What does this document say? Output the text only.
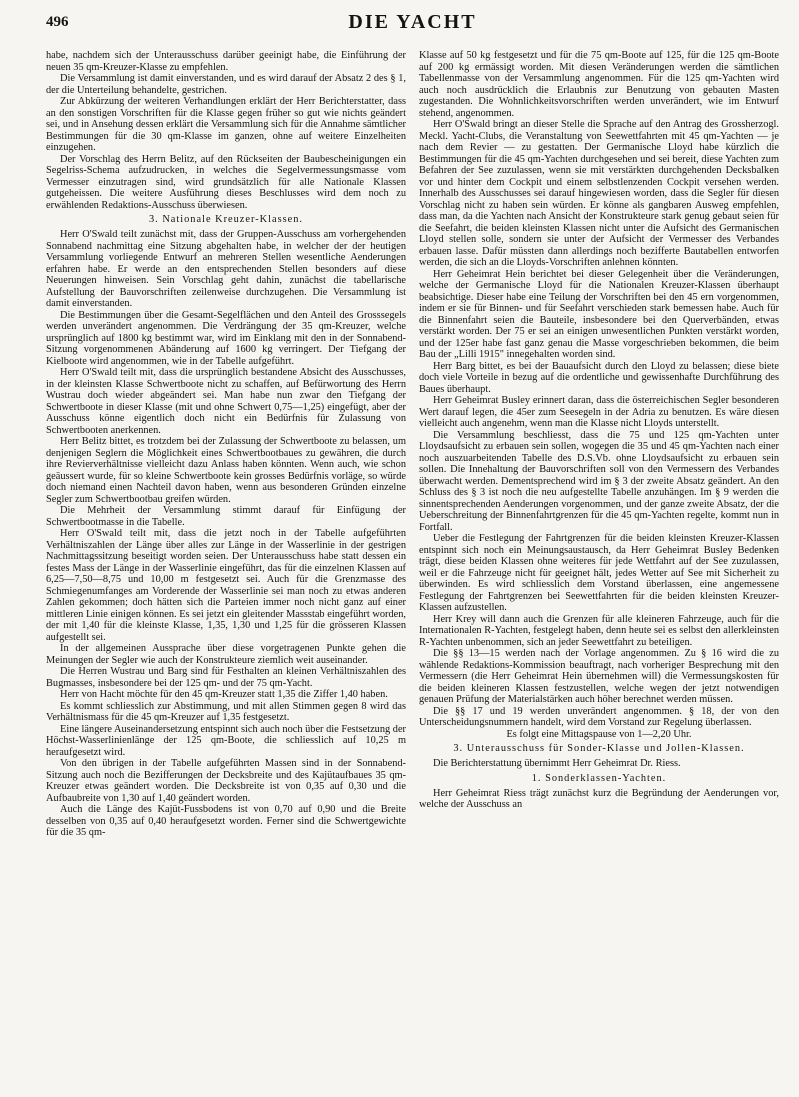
496	DIE YACHT

habe, nachdem sich der Unterausschuss darüber geeinigt habe, die Einführung der neuen 35 qm-Kreuzer-Klasse zu empfehlen.

Die Versammlung ist damit einverstanden, und es wird darauf der Absatz 2 des § 1, der die Unterteilung behandelte, gestrichen.

Zur Abkürzung der weiteren Verhandlungen erklärt der Herr Berichterstatter, dass an den sonstigen Vorschriften für die Klasse gegen früher so gut wie nichts geändert sei, und in Ansehung dessen erklärt die Versammlung sich für die Annahme sämtlicher Bestimmungen für die 30 qm-Klasse im ganzen, ohne auf weitere Einzelheiten einzugehen.

Der Vorschlag des Herrn Belitz, auf den Rückseiten der Baubescheinigungen ein Segelriss-Schema aufzudrucken, in welches die Segelvermessungsmasse vom Vermesser einzutragen sind, wird grundsätzlich für alle Nationale Klassen gutgeheissen. Die weitere Ausführung dieses Beschlusses wird dem noch zu erwählenden Redaktions-Ausschuss überwiesen.

3. Nationale Kreuzer-Klassen.

Herr O'Swald teilt zunächst mit, dass der Gruppen-Ausschuss am vorhergehenden Sonnabend nachmittag eine Sitzung abgehalten habe, in welcher der der heutigen Versammlung vorliegende Entwurf an mehreren Stellen wesentliche Aenderungen erfahren habe. Er werde an den entsprechenden Stellen besonders auf diese Neuerungen hinweisen. Sein Vorschlag geht dahin, zunächst die tabellarische Aufstellung der Bauvorschriften zeilenweise durchzugehen. Die Versammlung ist damit einverstanden.

Die Bestimmungen über die Gesamt-Segelflächen und den Anteil des Grosssegels werden unverändert angenommen. Die Verdrängung der 35 qm-Kreuzer, welche ursprünglich auf 1800 kg bestimmt war, wird im Einklang mit den in der Sonnabend-Sitzung vorgenommenen Abänderung auf 1600 kg verringert. Der Tiefgang der Kielboote wird angenommen, wie in der Tabelle aufgeführt.

Herr O'Swald teilt mit, dass die ursprünglich bestandene Absicht des Ausschusses, in der kleinsten Klasse Schwertboote nicht zu schaffen, auf Befürwortung des Herrn Wustrau doch wieder abgeändert sei. Man habe nun zwar den Tiefgang der Schwertboote in dieser Klasse (mit und ohne Schwert 0,75—1,25) eingefügt, aber der Ausschuss könne eigentlich doch nicht ein Bedürfnis für Zulassung von Schwertbooten anerkennen.

Herr Belitz bittet, es trotzdem bei der Zulassung der Schwertboote zu belassen, um denjenigen Seglern die Möglichkeit eines Schwertbootbaues zu gewähren, die durch ihre Revierverhältnisse vielleicht dazu Anlass haben könnten. Wenn auch, wie schon geäussert wurde, für so kleine Schwertboote kein grosses Bedürfnis vorläge, so würde doch niemand einen Nachteil davon haben, wenn aus besonderen Gründen einzelne Segler zum Schwertbootbau greifen würden.

Die Mehrheit der Versammlung stimmt darauf für Einfügung der Schwertbootmasse in die Tabelle.

Herr O'Swald teilt mit, dass die jetzt noch in der Tabelle aufgeführten Verhältniszahlen der Länge über alles zur Länge in der Wasserlinie in der gestrigen Nachmittagssitzung beseitigt worden seien. Der Unterausschuss habe statt dessen ein festes Mass der Länge in der Wasserlinie eingeführt, das für die einzelnen Klassen auf 6,25—7,50—8,75 und 10,00 m festgesetzt sei. Auch für die Grenzmasse des Schmiegenumfanges am Vorderende der Wasserlinie sei man noch zu etwas anderen Zahlen gekommen; doch hätten sich die Parteien immer noch nicht ganz auf einer mittleren Linie einigen können. Es sei jetzt ein gleitender Massstab eingeführt worden, der mit 1,40 für die kleinste Klasse, 1,35, 1,30 und 1,25 für die grösseren Klassen aufgestellt sei.

In der allgemeinen Aussprache über diese vorgetragenen Punkte gehen die Meinungen der Segler wie auch der Konstrukteure ziemlich weit auseinander.

Die Herren Wustrau und Barg sind für Festhalten an kleinen Verhältniszahlen des Bugmasses, insbesondere bei der 125 qm- und der 75 qm-Yacht.

Herr von Hacht möchte für den 45 qm-Kreuzer statt 1,35 die Ziffer 1,40 haben.

Es kommt schliesslich zur Abstimmung, und mit allen Stimmen gegen 8 wird das Verhältnismass für die 45 qm-Kreuzer auf 1,35 festgesetzt.

Eine längere Auseinandersetzung entspinnt sich auch noch über die Festsetzung der Höchst-Wasserlinienlänge der 125 qm-Boote, die schliesslich auf 10,25 m heraufgesetzt wird.

Von den übrigen in der Tabelle aufgeführten Massen sind in der Sonnabend-Sitzung auch noch die Bezifferungen der Decksbreite und des Kajütaufbaues 35 qm-Kreuzer etwas geändert worden. Die Decksbreite ist von 0,35 auf 0,30 und die Aufbaubreite von 1,30 auf 1,40 geändert worden.

Auch die Länge des Kajüt-Fussbodens ist von 0,70 auf 0,90 und die Breite desselben von 0,35 auf 0,40 heraufgesetzt worden. Ferner sind die Schwertgewichte für die 35 qm-

Klasse auf 50 kg festgesetzt und für die 75 qm-Boote auf 125, für die 125 qm-Boote auf 200 kg ermässigt worden. Mit diesen Veränderungen werden die sämtlichen Tabellenmasse von der Versammlung angenommen. Für die 125 qm-Yachten wird auch noch ausdrücklich die Erlaubnis zur Benutzung von gebauten Masten zugestanden. Die Wohnlichkeitsvorschriften werden unverändert, wie im Entwurf stehend, angenommen.

Herr O'Swald bringt an dieser Stelle die Sprache auf den Antrag des Grossherzogl. Meckl. Yacht-Clubs, die Veranstaltung von Seewettfahrten mit 45 qm-Yachten — je nach dem Revier — zu gestatten. Der Germanische Lloyd habe kürzlich die Bestimmungen für die 45 qm-Yachten durchgesehen und sei bereit, diese Yachten zum Befahren der See zuzulassen, wenn sie mit verstärkten durchgehenden Decksbalken vor und hinter dem Cockpit und einem selbstlenzenden Cockpit versehen werden. Innerhalb des Ausschusses sei darauf hingewiesen worden, dass die Segler für diesen Vorschlag nicht zu haben sein würden. Er könne als gangbaren Ausweg empfehlen, dass man, da die Yachten nach Ansicht der Konstrukteure stark genug gebaut seien für die Seefahrt, die beiden kleinsten Klassen nicht unter die Aufsicht des Germanischen Lloyd stellen solle, sondern sie unter der Aufsicht der Vermesser des Verbandes erbauen lasse. Dafür müssten dann allerdings noch bezifferte Bautabellen entworfen werden, die sich an die Lloyds-Vorschriften anlehnen könnten.

Herr Geheimrat Hein berichtet bei dieser Gelegenheit über die Veränderungen, welche der Germanische Lloyd für die Nationalen Kreuzer-Klassen überhaupt beabsichtige. Dieser habe eine Teilung der Vorschriften bei den 45 ern vorgenommen, indem er sie für Binnen- und für Seefahrt verschieden stark bemessen habe. Auch für die Binnenfahrt seien die Bauteile, insbesondere bei den Querverbänden, etwas verstärkt worden. Der 75 er sei an einigen unwesentlichen Punkten verstärkt worden, und der 125er habe fast ganz genau die Masse vorgeschrieben bekommen, die beim Bau der „Lilli 1915" innegehalten worden sind.

Herr Barg bittet, es bei der Bauaufsicht durch den Lloyd zu belassen; diese biete doch viele Vorteile in bezug auf die ordentliche und gewissenhafte Durchführung des Baues überhaupt.

Herr Geheimrat Busley erinnert daran, dass die österreichischen Segler besonderen Wert darauf legen, die 45er zum Seesegeln in der Adria zu benutzen. Es wäre diesen vielleicht auch angenehm, wenn man die Klasse nicht Lloyds unterstellt.

Die Versammlung beschliesst, dass die 75 und 125 qm-Yachten unter Lloydsaufsicht zu erbauen sein sollen, wogegen die 35 und 45 qm-Yachten nach einer noch auszuarbeitenden Tabelle des D.S.Vb. ohne Lloydsaufsicht zu erbauen sein sollen. Die Innehaltung der Bauvorschriften soll von den Vermessern des Verbandes überwacht werden. Dementsprechend wird im § 3 der zweite Absatz geändert. An den Schluss des § 3 ist noch die neu aufgestellte Tabelle anzuhängen. Im § 9 werden die sinnentsprechenden Aenderungen vorgenommen, und der ganze zweite Absatz, der die Ueberschreitung der Binnenfahrtgrenzen für die 45 qm-Yachten regelte, kommt nun in Fortfall.

Ueber die Festlegung der Fahrtgrenzen für die beiden kleinsten Kreuzer-Klassen entspinnt sich noch ein Meinungsaustausch, da Herr Geheimrat Busley Bedenken trägt, diese beiden Klassen ohne weiteres für jede Wettfahrt auf der See zuzulassen, weil er die Fahrzeuge nicht für geeignet hält, jedes Wetter auf See mit Sicherheit zu überwinden. Es wird schliesslich dem Vorstand überlassen, eine angemessene Festlegung der Fahrtgrenzen bei Seewettfahrten für die beiden kleinsten Kreuzer-Klassen aufzustellen.

Herr Krey will dann auch die Grenzen für alle kleineren Fahrzeuge, auch für die Internationalen R-Yachten, festgelegt haben, denn heute sei es selbst den allerkleinsten R-Yachten unbenommen, sich an jeder Seewettfahrt zu beteiligen.

Die §§ 13—15 werden nach der Vorlage angenommen. Zu § 16 wird die zu wählende Redaktions-Kommission beauftragt, nach vorheriger Besprechung mit den Vermessern (die Herr Geheimrat Hein übernehmen will) die Vermessungskosten für die beiden kleineren Klassen festzustellen, welche wegen der jetzt notwendigen genauen Prüfung der Materialstärken auch höher berechnet werden müssen.

Die §§ 17 und 19 werden unverändert angenommen. § 18, der von den Unterscheidungsnummern handelt, wird dem Vorstand zur Regelung überlassen.

Es folgt eine Mittagspause von 1—2,20 Uhr.

3. Unterausschuss für Sonder-Klasse und Jollen-Klassen.

Die Berichterstattung übernimmt Herr Geheimrat Dr. Riess.

1. Sonderklassen-Yachten.

Herr Geheimrat Riess trägt zunächst kurz die Begründung der Aenderungen vor, welche der Ausschuss an
